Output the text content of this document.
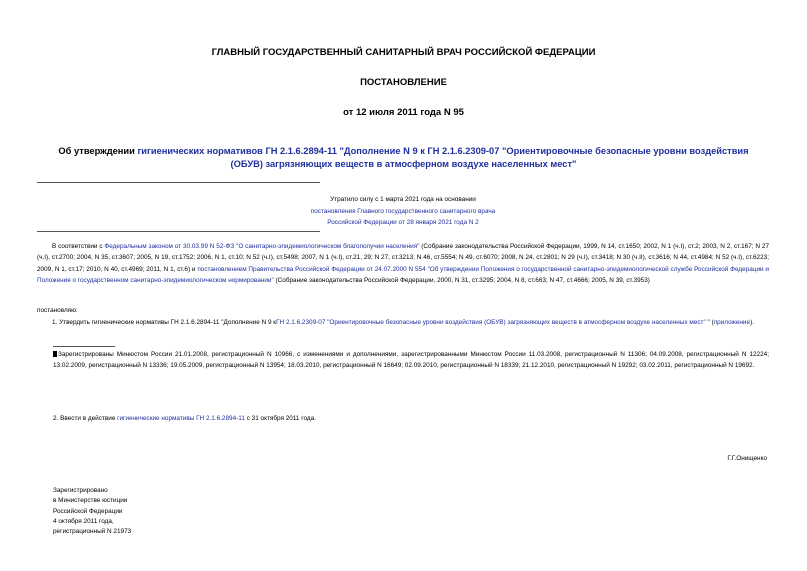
ГЛАВНЫЙ ГОСУДАРСТВЕННЫЙ САНИТАРНЫЙ ВРАЧ РОССИЙСКОЙ ФЕДЕРАЦИИ
ПОСТАНОВЛЕНИЕ
от 12 июля 2011 года N 95
Об утверждении гигиенических нормативов ГН 2.1.6.2894-11 "Дополнение N 9 к ГН 2.1.6.2309-07 "Ориентировочные безопасные уровни воздействия (ОБУВ) загрязняющих веществ в атмосферном воздухе населенных мест"
Утратило силу с 1 марта 2021 года на основании
постановления Главного государственного санитарного врача
Российской Федерации от 28 января 2021 года N 2
В соответствии с Федеральным законом от 30.03.99 N 52-ФЗ "О санитарно-эпидемиологическом благополучии населения" (Собрание законодательства Российской Федерации, 1999, N 14, ст.1650; 2002, N 1 (ч.I), ст.2; 2003, N 2, ст.167; N 27 (ч.I), ст.2700; 2004, N 35, ст.3607; 2005, N 19, ст.1752; 2006, N 1, ст.10; N 52 (ч.I), ст.5498; 2007, N 1 (ч.I), ст.21, 29; N 27, ст.3213; N 46, ст.5554; N 49, ст.6070; 2008, N 24, ст.2801; N 29 (ч.I), ст.3418; N 30 (ч.II), ст.3616; N 44, ст.4984; N 52 (ч.I), ст.6223; 2009, N 1, ст.17; 2010, N 40, ст.4969; 2011, N 1, ст.6) и постановлением Правительства Российской Федерации от 24.07.2000 N 554 "Об утверждении Положения о государственной санитарно-эпидемиологической службе Российской Федерации и Положения о государственном санитарно-эпидемиологическом нормировании" (Собрание законодательства Российской Федерации, 2000, N 31, ст.3295; 2004, N 8, ст.663; N 47, ст.4666; 2005, N 39, ст.3953)
постановляю:
1. Утвердить гигиенические нормативы ГН 2.1.6.2894-11 "Дополнение N 9 кГН 2.1.6.2309-07 "Ориентировочные безопасные уровни воздействия (ОБУВ) загрязняющих веществ в атмосферном воздухе населенных мест" " (приложение).
Зарегистрированы Минюстом России 21.01.2008, регистрационный N 10966, с изменениями и дополнениями, зарегистрированными Минюстом России 11.03.2008, регистрационный N 11306; 04.09.2008, регистрационный N 12224; 13.02.2009, регистрационный N 13336; 19.05.2009, регистрационный N 13954; 18.03.2010, регистрационный N 16649; 02.09.2010, регистрационный N 18339; 21.12.2010, регистрационный N 19292; 03.02.2011, регистрационный N 19692.
2. Ввести в действие гигиенические нормативы ГН 2.1.6.2894-11 с 31 октября 2011 года.
Г.Г.Онищенко
Зарегистрировано
в Министерстве юстиции
Российской Федерации
4 октября 2011 года,
регистрационный N 21973
